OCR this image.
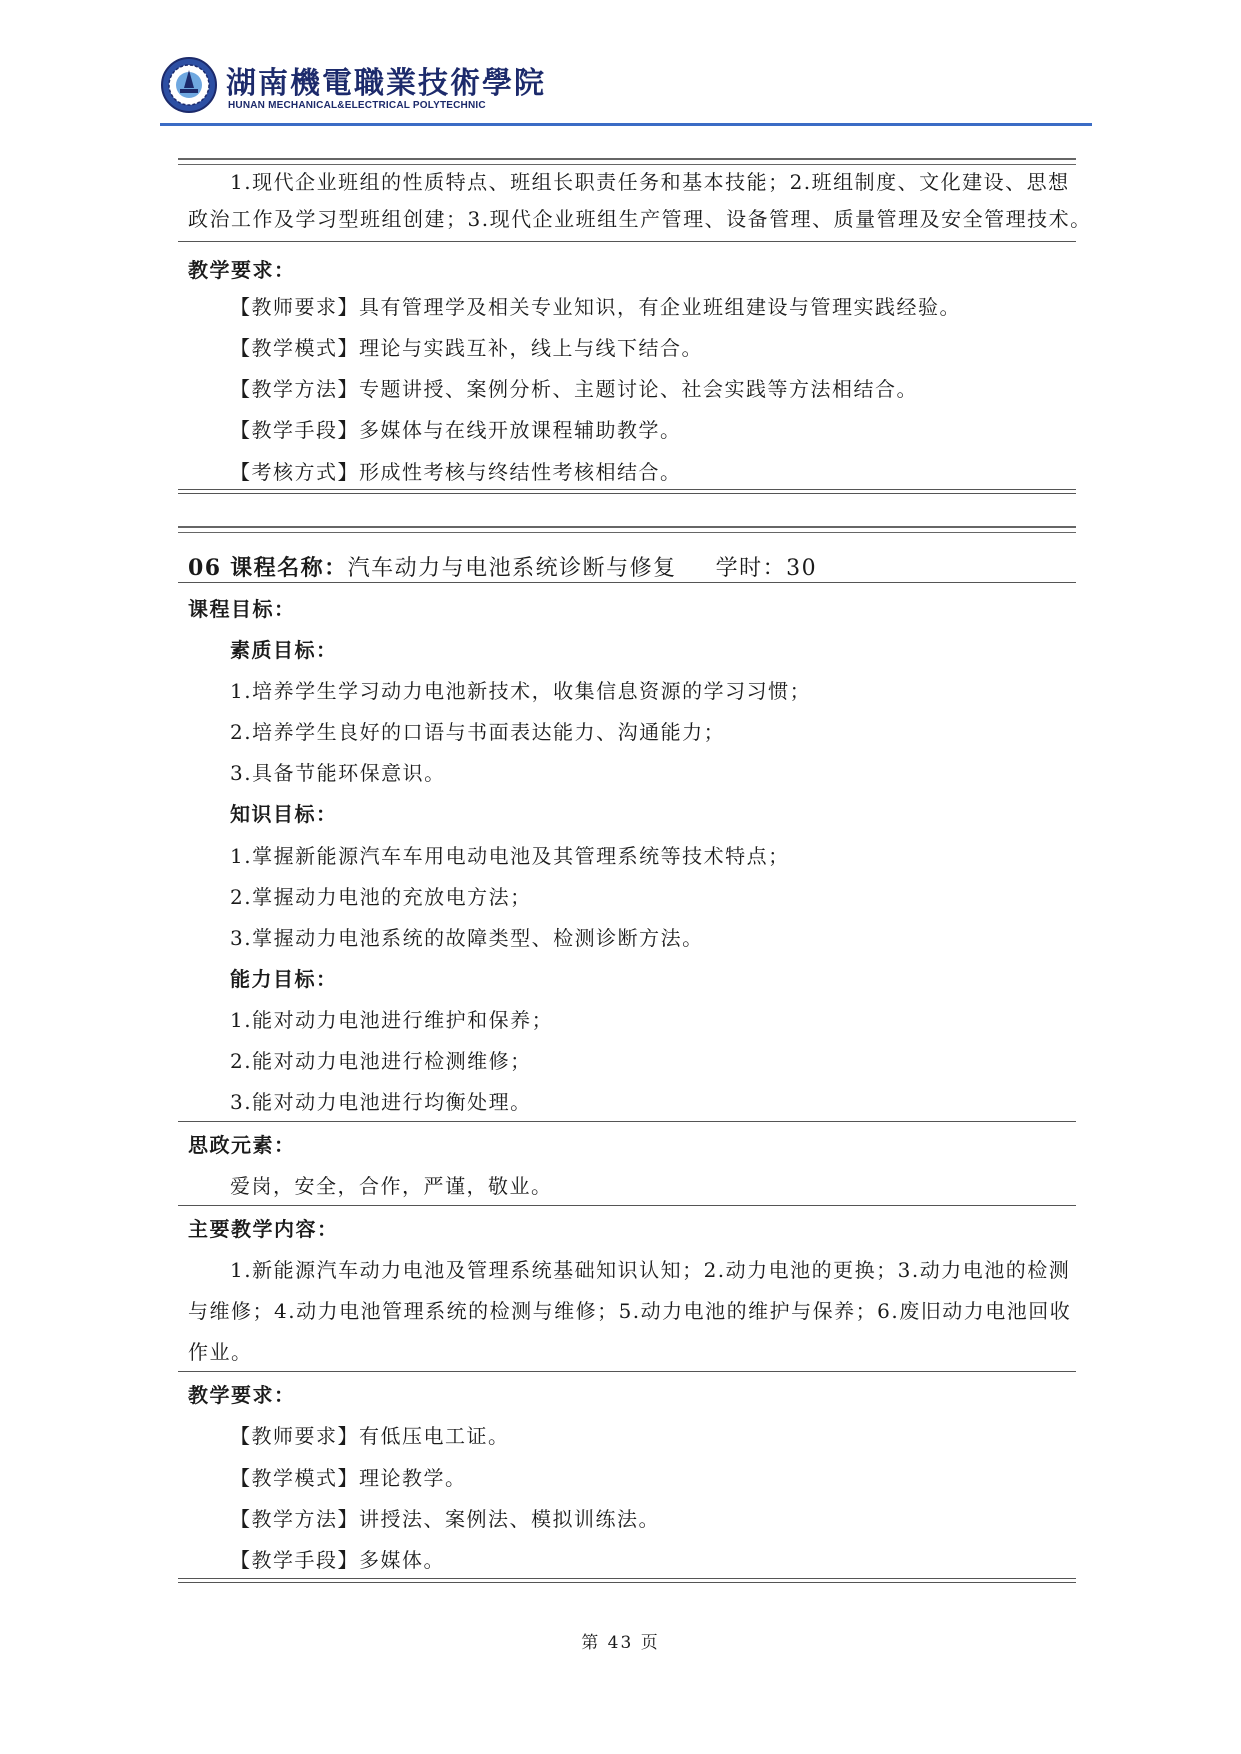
湖南機電職業技術學院
HUNAN MECHANICAL&ELECTRICAL POLYTECHNIC
1.现代企业班组的性质特点、班组长职责任务和基本技能；2.班组制度、文化建设、思想
政治工作及学习型班组创建；3.现代企业班组生产管理、设备管理、质量管理及安全管理技术。
教学要求：
【教师要求】具有管理学及相关专业知识，有企业班组建设与管理实践经验。
【教学模式】理论与实践互补，线上与线下结合。
【教学方法】专题讲授、案例分析、主题讨论、社会实践等方法相结合。
【教学手段】多媒体与在线开放课程辅助教学。
【考核方式】形成性考核与终结性考核相结合。
06 课程名称：汽车动力与电池系统诊断与修复 学时：30
课程目标：
素质目标：
1.培养学生学习动力电池新技术，收集信息资源的学习习惯；
2.培养学生良好的口语与书面表达能力、沟通能力；
3.具备节能环保意识。
知识目标：
1.掌握新能源汽车车用电动电池及其管理系统等技术特点；
2.掌握动力电池的充放电方法；
3.掌握动力电池系统的故障类型、检测诊断方法。
能力目标：
1.能对动力电池进行维护和保养；
2.能对动力电池进行检测维修；
3.能对动力电池进行均衡处理。
思政元素：
爱岗，安全，合作，严谨，敬业。
主要教学内容：
1.新能源汽车动力电池及管理系统基础知识认知；2.动力电池的更换；3.动力电池的检测
与维修；4.动力电池管理系统的检测与维修；5.动力电池的维护与保养；6.废旧动力电池回收
作业。
教学要求：
【教师要求】有低压电工证。
【教学模式】理论教学。
【教学方法】讲授法、案例法、模拟训练法。
【教学手段】多媒体。
第 43 页
